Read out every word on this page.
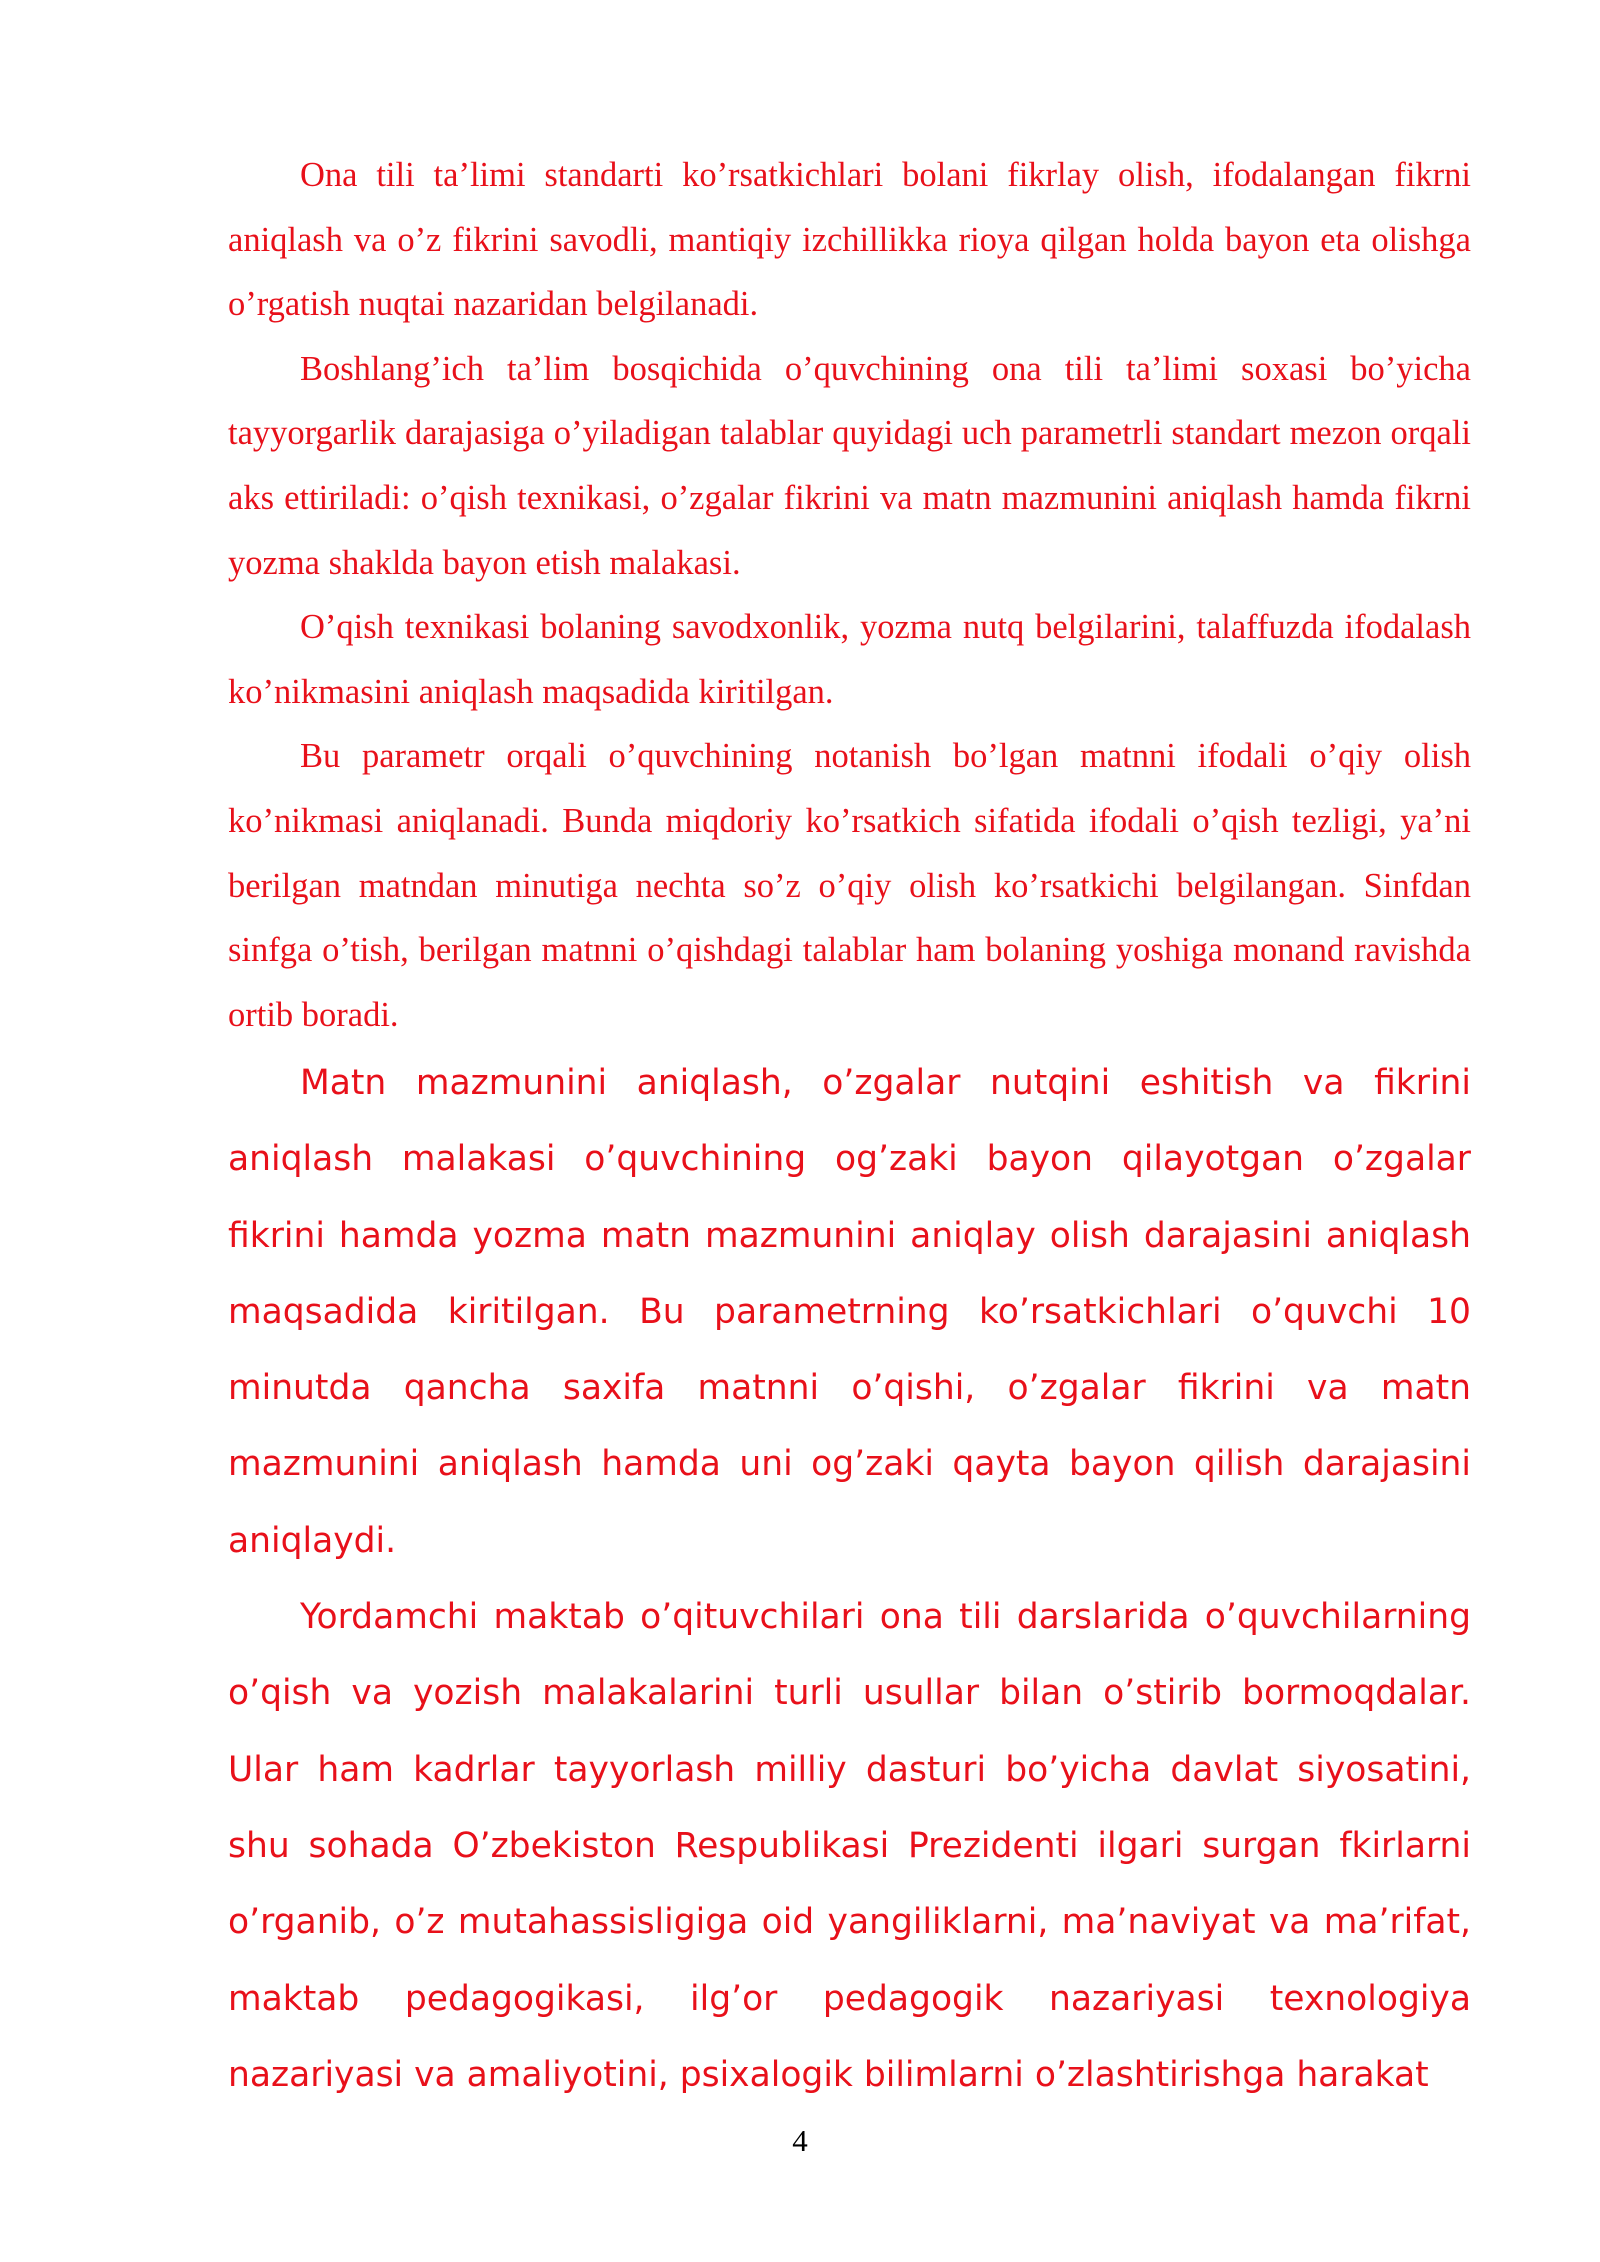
Ona tili ta’limi standarti ko’rsatkichlari bolani fikrlay olish, ifodalangan fikrni aniqlash va o’z fikrini savodli, mantiqiy izchillikka rioya qilgan holda bayon eta olishga o’rgatish nuqtai nazaridan belgilanadi.

Boshlang’ich ta’lim bosqichida o’quvchining ona tili ta’limi soxasi bo’yicha tayyorgarlik darajasiga o’yiladigan talablar quyidagi uch parametrli standart mezon orqali aks ettiriladi: o’qish texnikasi, o’zgalar fikrini va matn mazmunini aniqlash hamda fikrni yozma shaklda bayon etish malakasi.

O’qish texnikasi bolaning savodxonlik, yozma nutq belgilarini, talaffuzda ifodalash ko’nikmasini aniqlash maqsadida kiritilgan.

Bu parametr orqali o’quvchining notanish bo’lgan matnni ifodali o’qiy olish ko’nikmasi aniqlanadi. Bunda miqdoriy ko’rsatkich sifatida ifodali o’qish tezligi, ya’ni berilgan matndan minutiga nechta so’z o’qiy olish ko’rsatkichi belgilangan. Sinfdan sinfga o’tish, berilgan matnni o’qishdagi talablar ham bolaning yoshiga monand ravishda ortib boradi.

Matn mazmunini aniqlash, o’zgalar nutqini eshitish va fikrini aniqlash malakasi o’quvchining og’zaki bayon qilayotgan o’zgalar fikrini hamda yozma matn mazmunini aniqlay olish darajasini aniqlash maqsadida kiritilgan. Bu parametrning ko’rsatkichlari o’quvchi 10 minutda qancha saxifa matnni o’qishi, o’zgalar fikrini va matn mazmunini aniqlash hamda uni og’zaki qayta bayon qilish darajasini aniqlaydi.

Yordamchi maktab o’qituvchilari ona tili darslarida o’quvchilarning o’qish va yozish malakalarini turli usullar bilan o’stirib bormoqdalar. Ular ham kadrlar tayyorlash milliy dasturi bo’yicha davlat siyosatini, shu sohada O’zbekiston Respublikasi Prezidenti ilgari surgan fkirlarni o’rganib, o’z mutahassisligiga oid yangiliklarni, ma’naviyat va ma’rifat, maktab pedagogikasi, ilg’or pedagogik nazariyasi texnologiya nazariyasi va amaliyotini, psixalogik bilimlarni o’zlashtirishga harakat

4
